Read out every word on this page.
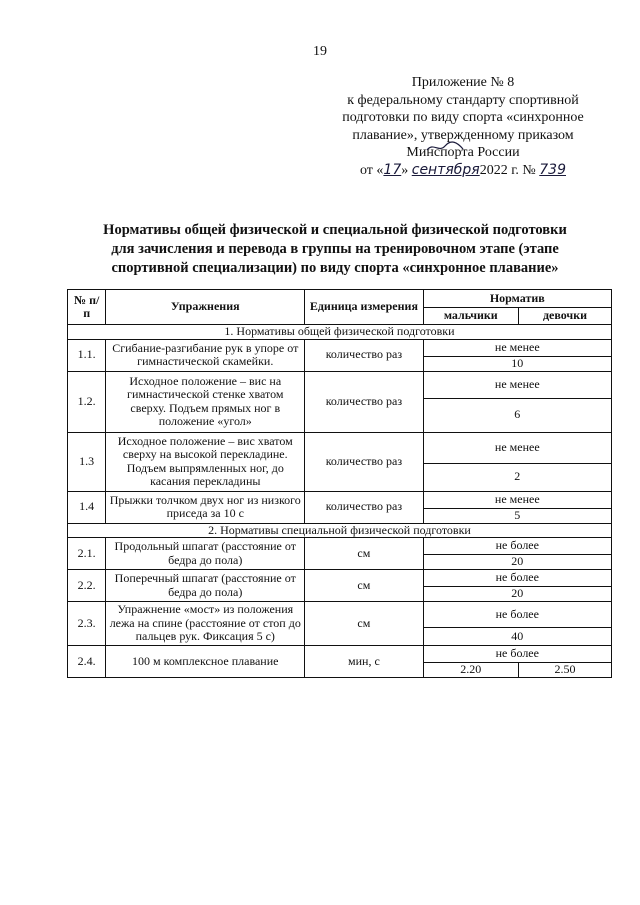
19
Приложение № 8
к федеральному стандарту спортивной
подготовки по виду спорта «синхронное
плавание», утвержденному приказом
Минспорта России
от «17» сентября2022 г. № 739
Нормативы общей физической и специальной физической подготовки
для зачисления и перевода в группы на тренировочном этапе (этапе
спортивной специализации) по виду спорта «синхронное плавание»
№ п/п	Упражнения	Единица измерения	Норматив	
			мальчики	девочки
1. Нормативы общей физической подготовки				
1.1.	Сгибание-разгибание рук в упоре от гимнастической скамейки.	количество раз	не менее	
			10	
1.2.	Исходное положение – вис на гимнастической стенке хватом сверху. Подъем прямых ног в положение «угол»	количество раз	не менее	
			6	
1.3	Исходное положение – вис хватом сверху на высокой перекладине. Подъем выпрямленных ног, до касания перекладины	количество раз	не менее	
			2	
1.4	Прыжки толчком двух ног из низкого приседа за 10 с	количество раз	не менее	
			5	
2. Нормативы специальной физической подготовки				
2.1.	Продольный шпагат (расстояние от бедра до пола)	см	не более	
			20	
2.2.	Поперечный шпагат (расстояние от бедра до пола)	см	не более	
			20	
2.3.	Упражнение «мост» из положения лежа на спине (расстояние от стоп до пальцев рук. Фиксация 5 с)	см	не более	
			40	
2.4.	100 м комплексное плавание	мин, с	не более	
			2.20	2.50
